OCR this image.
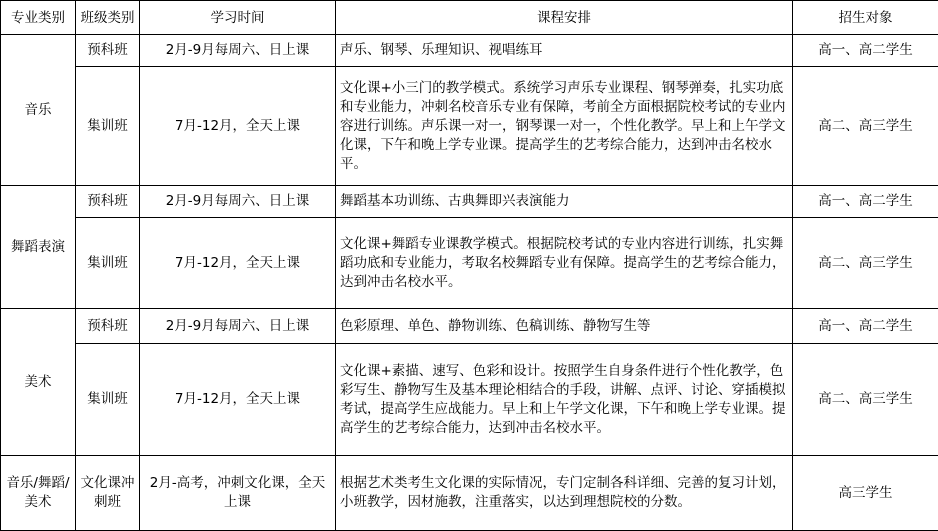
专业类别	班级类别	学习时间	课程安排	招生对象
音乐	预科班	2月-9月每周六、日上课	声乐、钢琴、乐理知识、视唱练耳	高一、高二学生
	集训班	7月-12月，全天上课	文化课+小三门的教学模式。系统学习声乐专业课程、钢琴弹奏，扎实功底和专业能力，冲刺名校音乐专业有保障，考前全方面根据院校考试的专业内容进行训练。声乐课一对一，钢琴课一对一，个性化教学。早上和上午学文化课，下午和晚上学专业课。提高学生的艺考综合能力，达到冲击名校水平。	高二、高三学生
舞蹈表演	预科班	2月-9月每周六、日上课	舞蹈基本功训练、古典舞即兴表演能力	高一、高二学生
	集训班	7月-12月，全天上课	文化课+舞蹈专业课教学模式。根据院校考试的专业内容进行训练，扎实舞蹈功底和专业能力，考取名校舞蹈专业有保障。提高学生的艺考综合能力，达到冲击名校水平。	高二、高三学生
美术	预科班	2月-9月每周六、日上课	色彩原理、单色、静物训练、色稿训练、静物写生等	高一、高二学生
	集训班	7月-12月，全天上课	文化课+素描、速写、色彩和设计。按照学生自身条件进行个性化教学，色彩写生、静物写生及基本理论相结合的手段，讲解、点评、讨论、穿插模拟考试，提高学生应战能力。早上和上午学文化课，下午和晚上学专业课。提高学生的艺考综合能力，达到冲击名校水平。	高二、高三学生
音乐/舞蹈/美术	文化课冲刺班	2月-高考，冲刺文化课，全天上课	根据艺术类考生文化课的实际情况，专门定制各科详细、完善的复习计划，小班教学，因材施教，注重落实，以达到理想院校的分数。	高三学生
